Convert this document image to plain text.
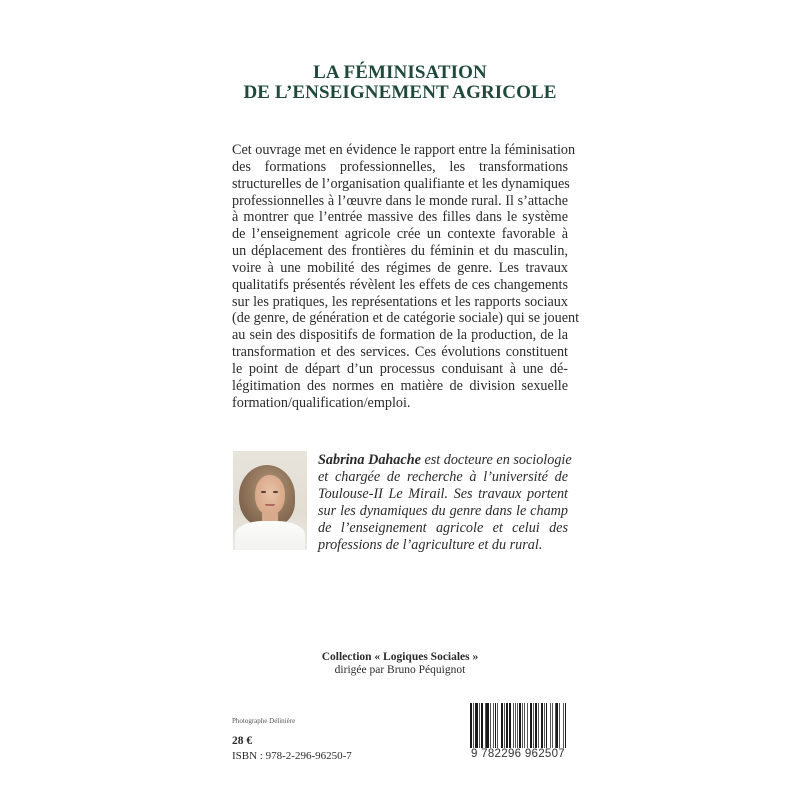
LA FÉMINISATION
DE L’ENSEIGNEMENT AGRICOLE
Cet ouvrage met en évidence le rapport entre la féminisation
des formations professionnelles, les transformations
structurelles de l’organisation qualifiante et les dynamiques
professionnelles à l’œuvre dans le monde rural. Il s’attache
à montrer que l’entrée massive des filles dans le système
de l’enseignement agricole crée un contexte favorable à
un déplacement des frontières du féminin et du masculin,
voire à une mobilité des régimes de genre. Les travaux
qualitatifs présentés révèlent les effets de ces changements
sur les pratiques, les représentations et les rapports sociaux
(de genre, de génération et de catégorie sociale) qui se jouent
au sein des dispositifs de formation de la production, de la
transformation et des services. Ces évolutions constituent
le point de départ d’un processus conduisant à une dé-
légitimation des normes en matière de division sexuelle
formation/qualification/emploi.
Sabrina Dahache est docteure en sociologie
et chargée de recherche à l’université de
Toulouse-II Le Mirail. Ses travaux portent
sur les dynamiques du genre dans le champ
de l’enseignement agricole et celui des
professions de l’agriculture et du rural.
Collection « Logiques Sociales »
dirigée par Bruno Péquignot
Photographe Délinière
28 €
ISBN : 978-2-296-96250-7	9 782296 962507
